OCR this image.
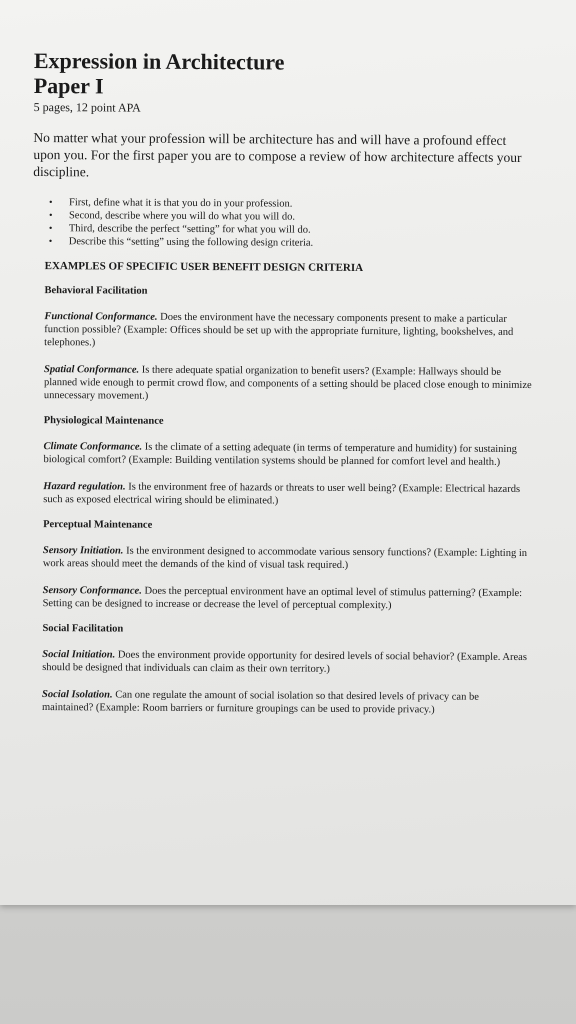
Expression in Architecture
Paper I

5 pages, 12 point APA

No matter what your profession will be architecture has and will have a profound effect upon you. For the first paper you are to compose a review of how architecture affects your discipline.

•	First, define what it is that you do in your profession.
•	Second, describe where you will do what you will do.
•	Third, describe the perfect “setting” for what you will do.
•	Describe this “setting” using the following design criteria.
EXAMPLES OF SPECIFIC USER BENEFIT DESIGN CRITERIA
Behavioral Facilitation

Functional Conformance. Does the environment have the necessary components present to make a particular function possible? (Example: Offices should be set up with the appropriate furniture, lighting, bookshelves, and telephones.)

Spatial Conformance. Is there adequate spatial organization to benefit users? (Example: Hallways should be planned wide enough to permit crowd flow, and components of a setting should be placed close enough to minimize unnecessary movement.)

Physiological Maintenance

Climate Conformance. Is the climate of a setting adequate (in terms of temperature and humidity) for sustaining biological comfort? (Example: Building ventilation systems should be planned for comfort level and health.)

Hazard regulation. Is the environment free of hazards or threats to user well being? (Example: Electrical hazards such as exposed electrical wiring should be eliminated.)

Perceptual Maintenance

Sensory Initiation. Is the environment designed to accommodate various sensory functions? (Example: Lighting in work areas should meet the demands of the kind of visual task required.)

Sensory Conformance. Does the perceptual environment have an optimal level of stimulus patterning? (Example: Setting can be designed to increase or decrease the level of perceptual complexity.)

Social Facilitation

Social Initiation. Does the environment provide opportunity for desired levels of social behavior? (Example. Areas should be designed that individuals can claim as their own territory.)

Social Isolation. Can one regulate the amount of social isolation so that desired levels of privacy can be maintained? (Example: Room barriers or furniture groupings can be used to provide privacy.)
